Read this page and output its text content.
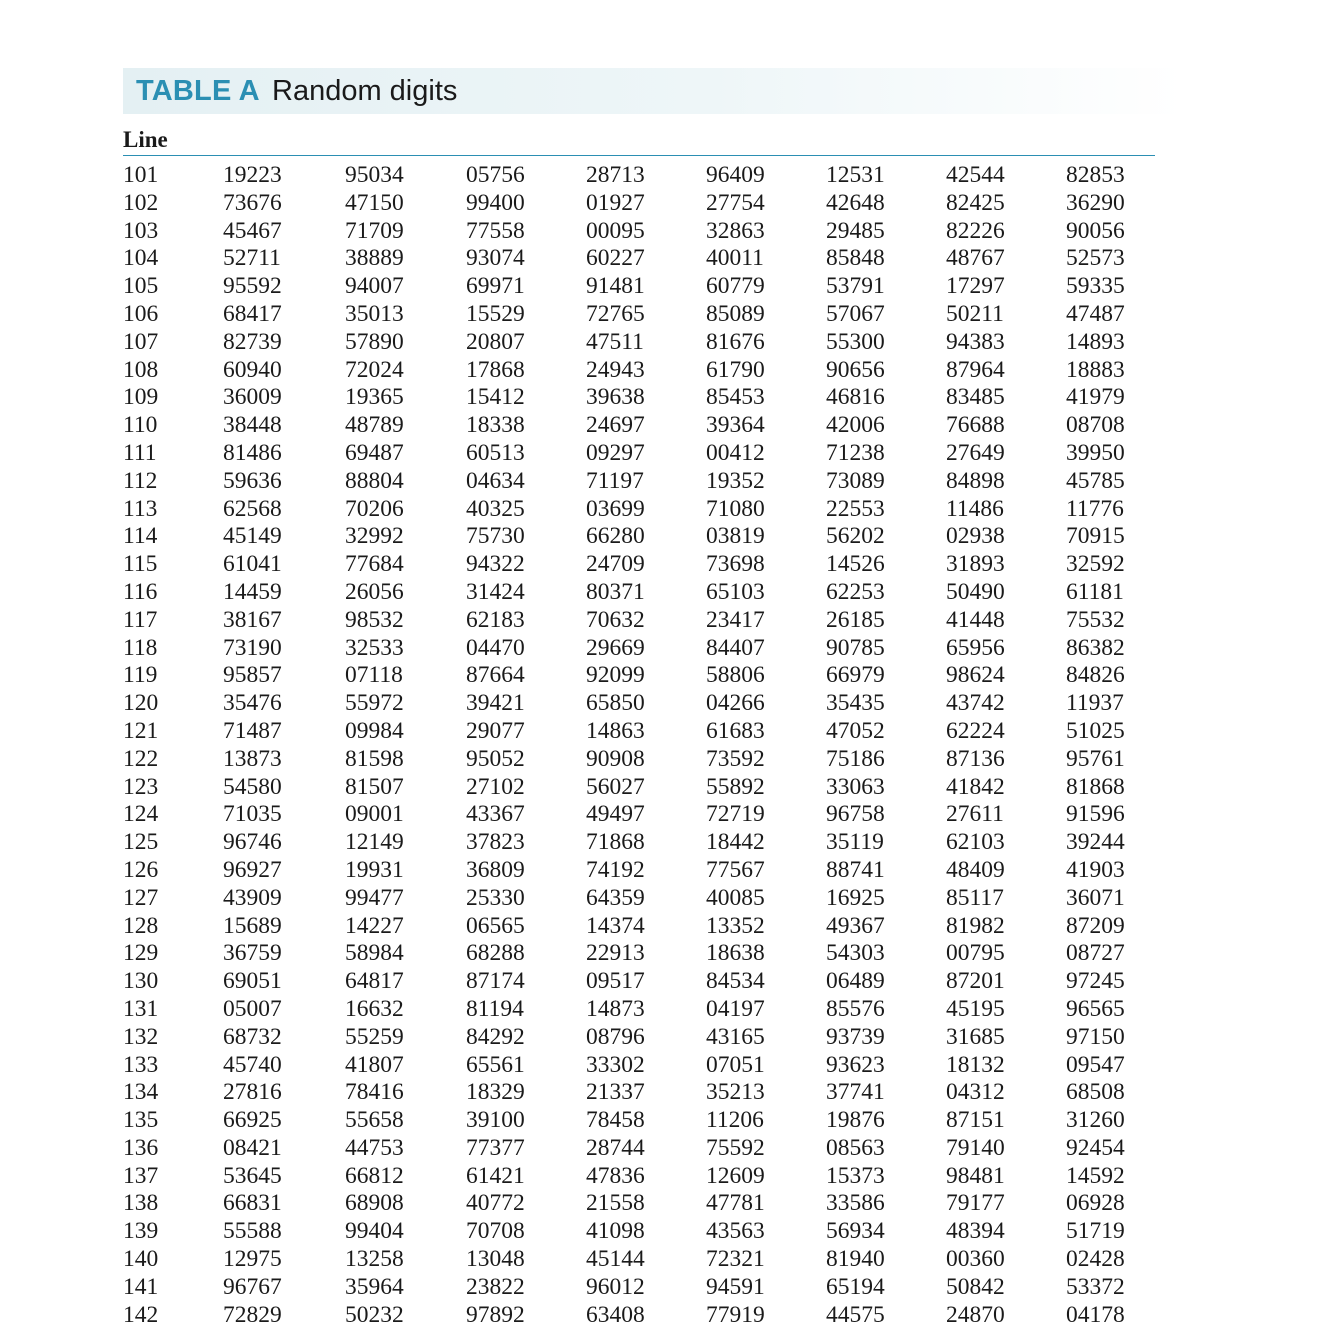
TABLE A Random digits
Line
101	19223	95034	05756	28713	96409	12531	42544	82853
102	73676	47150	99400	01927	27754	42648	82425	36290
103	45467	71709	77558	00095	32863	29485	82226	90056
104	52711	38889	93074	60227	40011	85848	48767	52573
105	95592	94007	69971	91481	60779	53791	17297	59335
106	68417	35013	15529	72765	85089	57067	50211	47487
107	82739	57890	20807	47511	81676	55300	94383	14893
108	60940	72024	17868	24943	61790	90656	87964	18883
109	36009	19365	15412	39638	85453	46816	83485	41979
110	38448	48789	18338	24697	39364	42006	76688	08708
111	81486	69487	60513	09297	00412	71238	27649	39950
112	59636	88804	04634	71197	19352	73089	84898	45785
113	62568	70206	40325	03699	71080	22553	11486	11776
114	45149	32992	75730	66280	03819	56202	02938	70915
115	61041	77684	94322	24709	73698	14526	31893	32592
116	14459	26056	31424	80371	65103	62253	50490	61181
117	38167	98532	62183	70632	23417	26185	41448	75532
118	73190	32533	04470	29669	84407	90785	65956	86382
119	95857	07118	87664	92099	58806	66979	98624	84826
120	35476	55972	39421	65850	04266	35435	43742	11937
121	71487	09984	29077	14863	61683	47052	62224	51025
122	13873	81598	95052	90908	73592	75186	87136	95761
123	54580	81507	27102	56027	55892	33063	41842	81868
124	71035	09001	43367	49497	72719	96758	27611	91596
125	96746	12149	37823	71868	18442	35119	62103	39244
126	96927	19931	36809	74192	77567	88741	48409	41903
127	43909	99477	25330	64359	40085	16925	85117	36071
128	15689	14227	06565	14374	13352	49367	81982	87209
129	36759	58984	68288	22913	18638	54303	00795	08727
130	69051	64817	87174	09517	84534	06489	87201	97245
131	05007	16632	81194	14873	04197	85576	45195	96565
132	68732	55259	84292	08796	43165	93739	31685	97150
133	45740	41807	65561	33302	07051	93623	18132	09547
134	27816	78416	18329	21337	35213	37741	04312	68508
135	66925	55658	39100	78458	11206	19876	87151	31260
136	08421	44753	77377	28744	75592	08563	79140	92454
137	53645	66812	61421	47836	12609	15373	98481	14592
138	66831	68908	40772	21558	47781	33586	79177	06928
139	55588	99404	70708	41098	43563	56934	48394	51719
140	12975	13258	13048	45144	72321	81940	00360	02428
141	96767	35964	23822	96012	94591	65194	50842	53372
142	72829	50232	97892	63408	77919	44575	24870	04178
